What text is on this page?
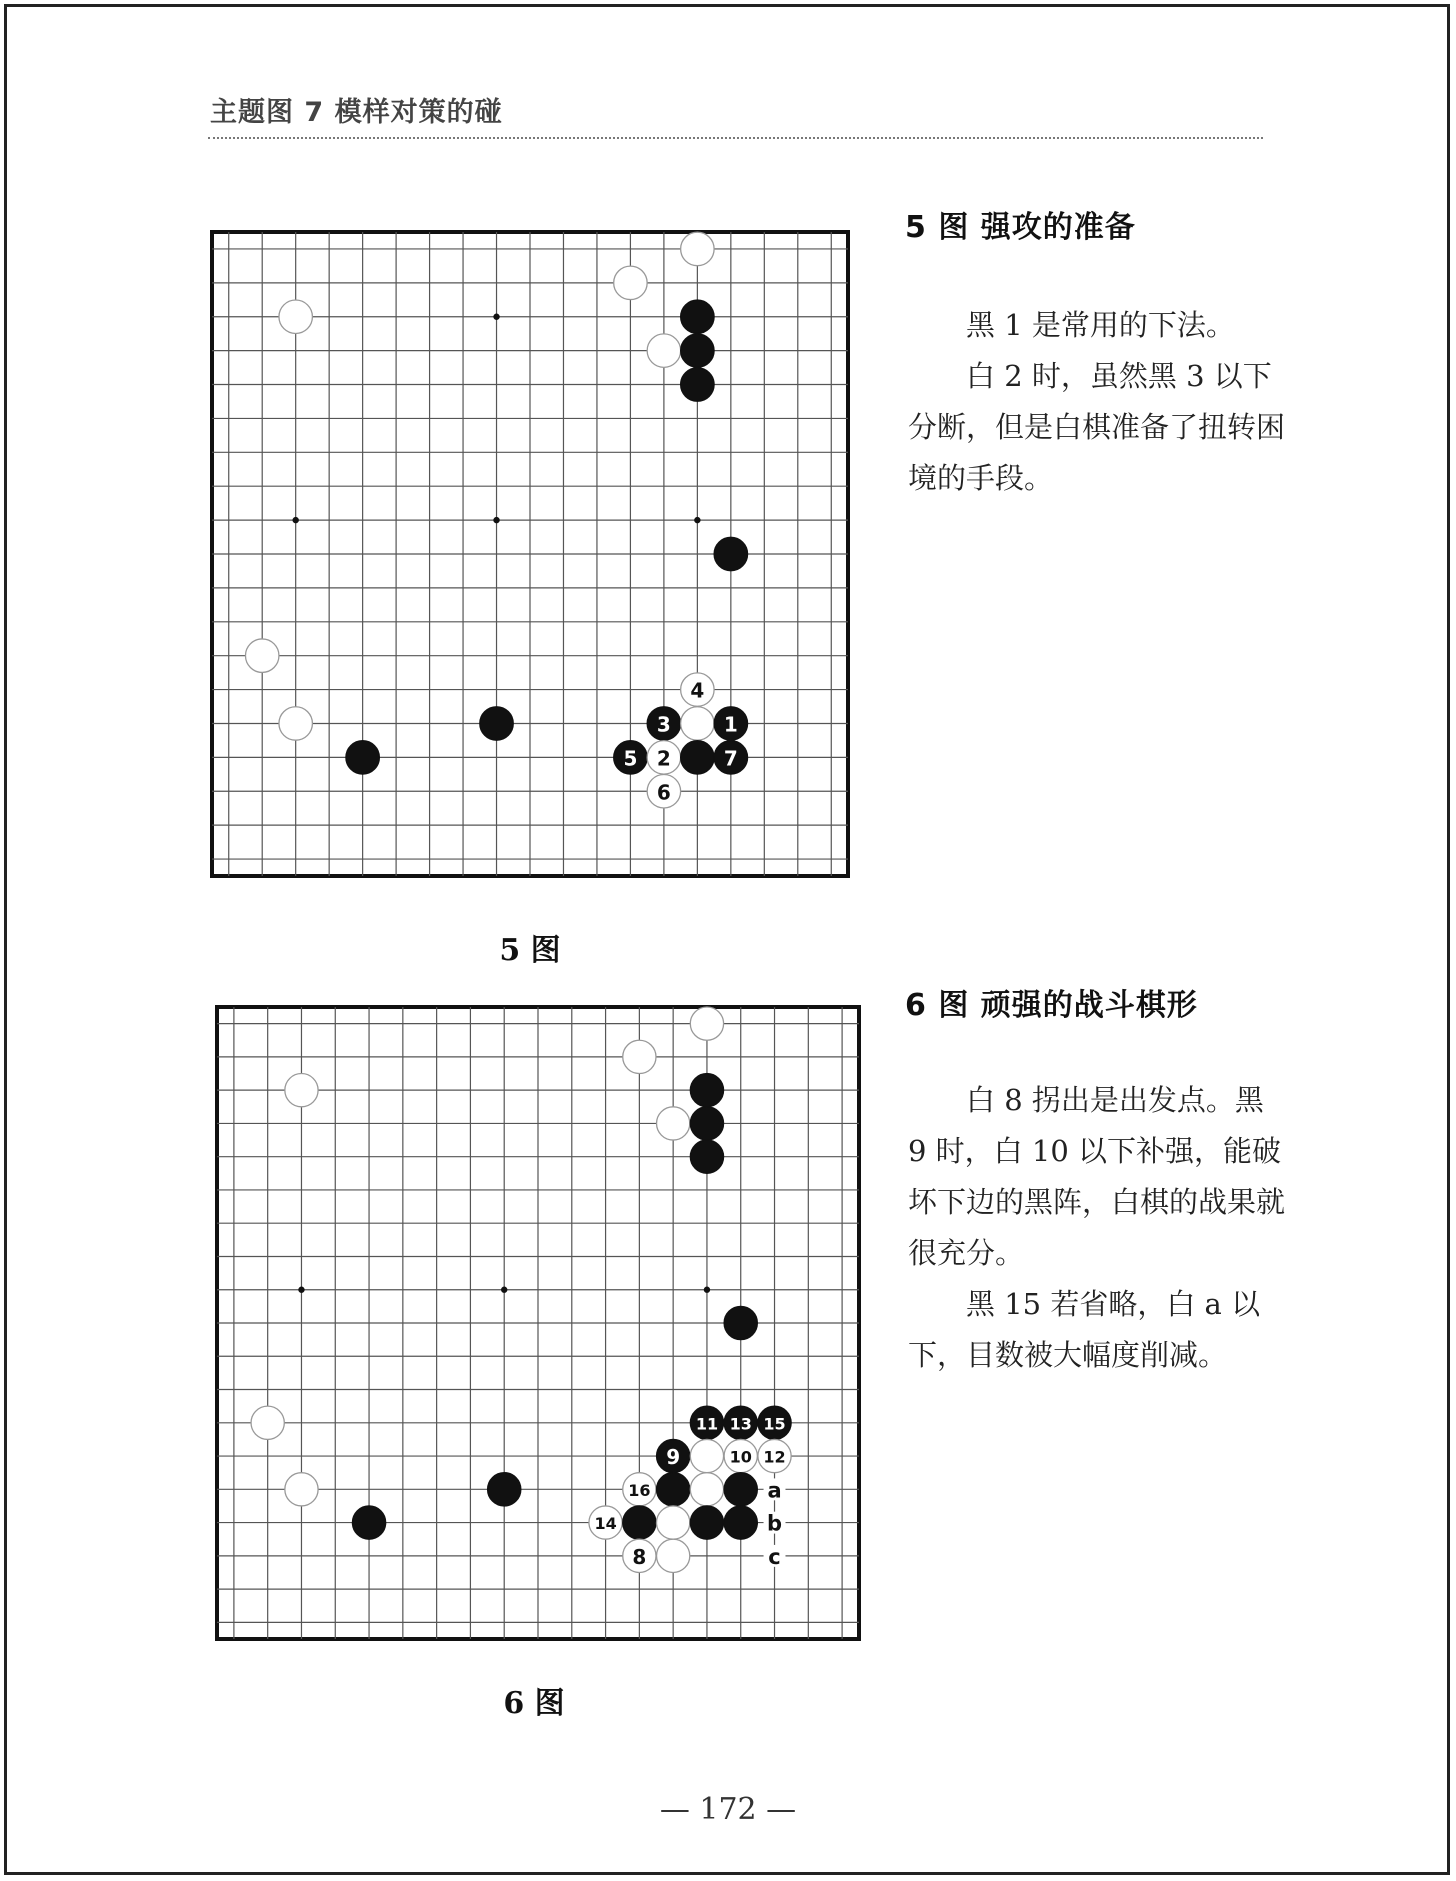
主题图 7 模样对策的碰
4
3	1
5 2	7
6
5 图
5 图 强攻的准备

黑 1 是常用的下法。

白 2 时，虽然黑 3 以下分断，但是白棋准备了扭转困境的手段。

11 13 15
9	10 12
16
14
8
a
b
c
6 图
6 图 顽强的战斗棋形

白 8 拐出是出发点。黑 9 时，白 10 以下补强，能破坏下边的黑阵，白棋的战果就很充分。

黑 15 若省略，白 a 以下，目数被大幅度削减。

— 172 —
